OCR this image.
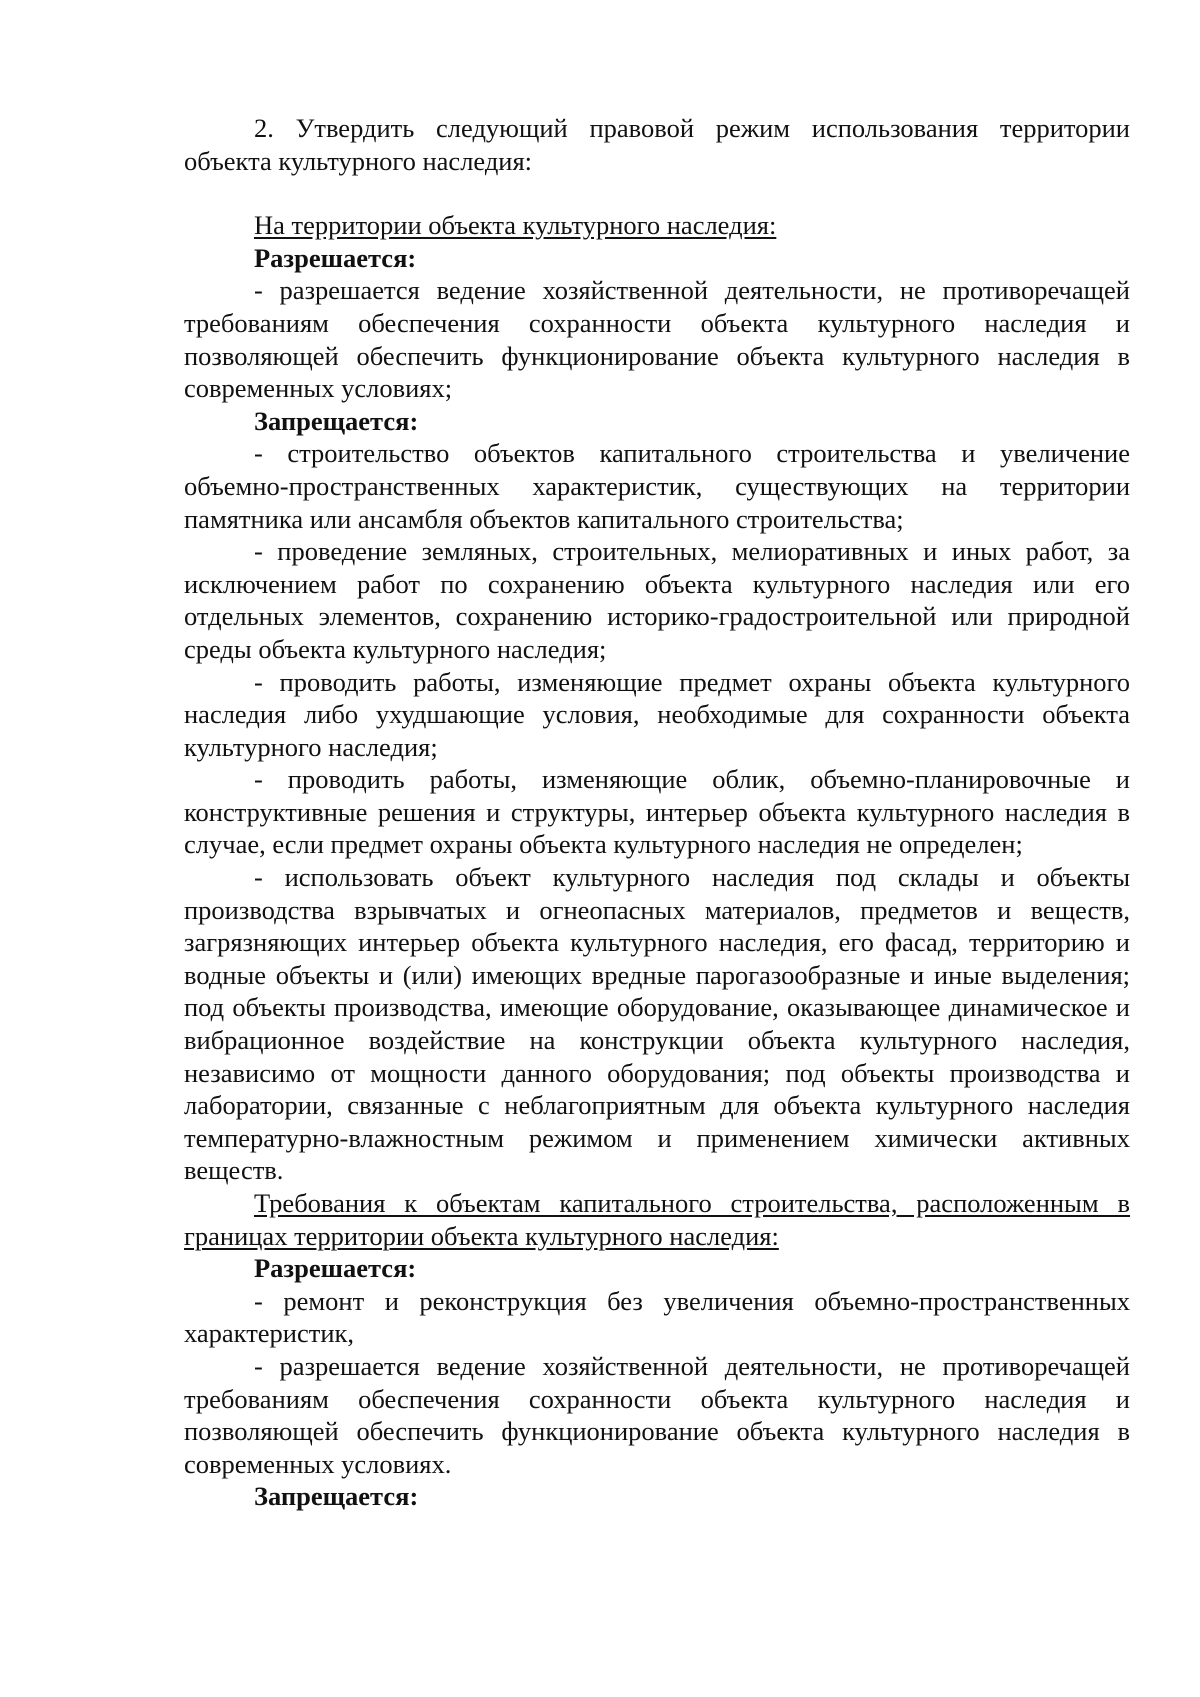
2. Утвердить следующий правовой режим использования территории объекта культурного наследия:

На территории объекта культурного наследия:

Разрешается:

- разрешается ведение хозяйственной деятельности, не противоречащей требованиям обеспечения сохранности объекта культурного наследия и позволяющей обеспечить функционирование объекта культурного наследия в современных условиях;

Запрещается:

- строительство объектов капитального строительства и увеличение объемно-пространственных характеристик, существующих на территории памятника или ансамбля объектов капитального строительства;

- проведение земляных, строительных, мелиоративных и иных работ, за исключением работ по сохранению объекта культурного наследия или его отдельных элементов, сохранению историко-градостроительной или природной среды объекта культурного наследия;

- проводить работы, изменяющие предмет охраны объекта культурного наследия либо ухудшающие условия, необходимые для сохранности объекта культурного наследия;

- проводить работы, изменяющие облик, объемно-планировочные и конструктивные решения и структуры, интерьер объекта культурного наследия в случае, если предмет охраны объекта культурного наследия не определен;

- использовать объект культурного наследия под склады и объекты производства взрывчатых и огнеопасных материалов, предметов и веществ, загрязняющих интерьер объекта культурного наследия, его фасад, территорию и водные объекты и (или) имеющих вредные парогазообразные и иные выделения; под объекты производства, имеющие оборудование, оказывающее динамическое и вибрационное воздействие на конструкции объекта культурного наследия, независимо от мощности данного оборудования; под объекты производства и лаборатории, связанные с неблагоприятным для объекта культурного наследия температурно-влажностным режимом и применением химически активных веществ.

Требования к объектам капитального строительства, расположенным в границах территории объекта культурного наследия:

Разрешается:

- ремонт и реконструкция без увеличения объемно-пространственных характеристик,

- разрешается ведение хозяйственной деятельности, не противоречащей требованиям обеспечения сохранности объекта культурного наследия и позволяющей обеспечить функционирование объекта культурного наследия в современных условиях.

Запрещается:
